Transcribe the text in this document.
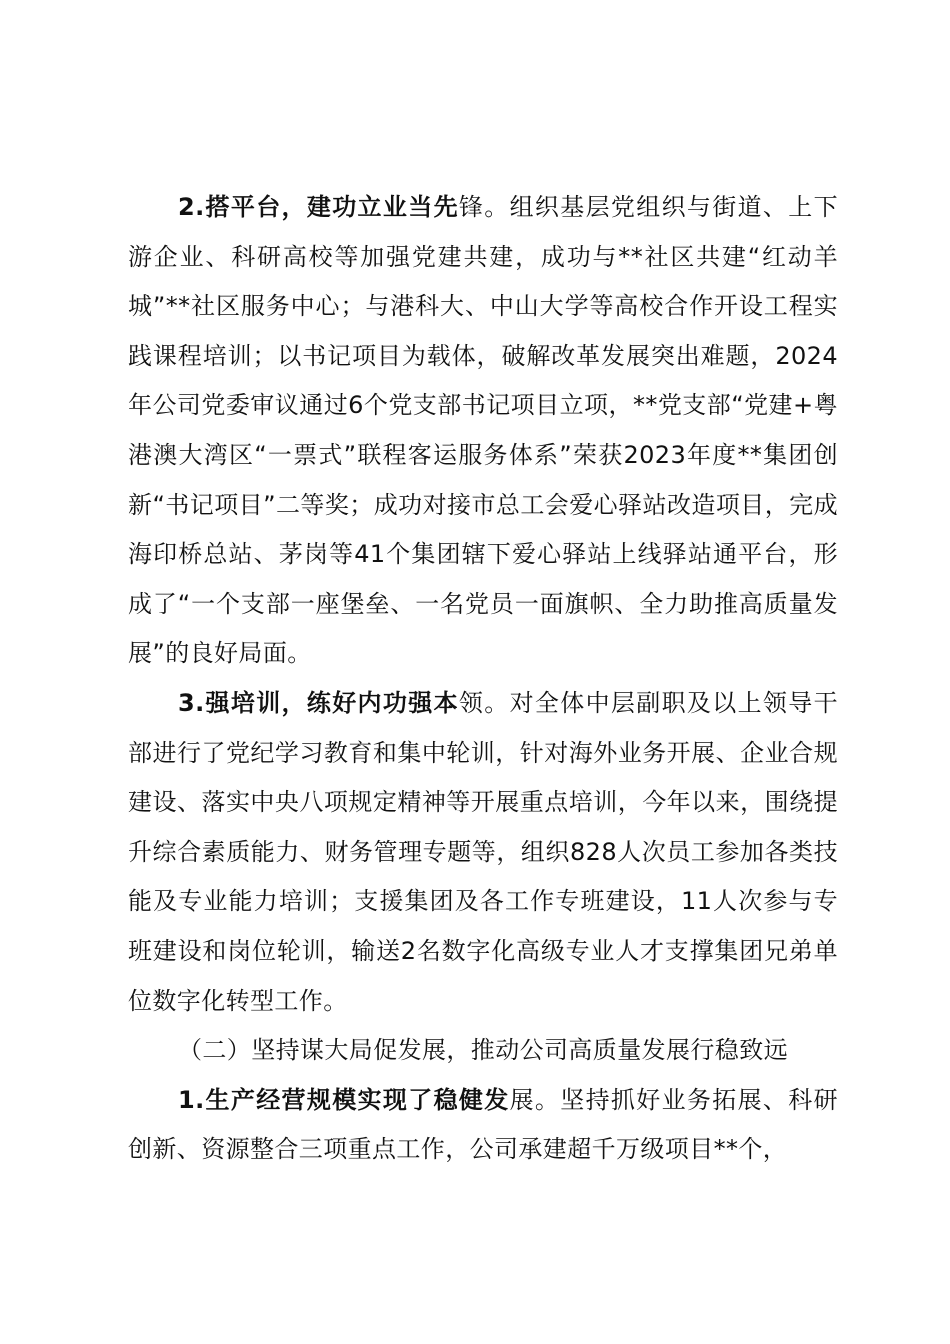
2.搭平台，建功立业当先锋。组织基层党组织与街道、上下游企业、科研高校等加强党建共建，成功与**社区共建“红动羊城”**社区服务中心；与港科大、中山大学等高校合作开设工程实践课程培训；以书记项目为载体，破解改革发展突出难题，2024年公司党委审议通过6个党支部书记项目立项，**党支部“党建+粤港澳大湾区“一票式”联程客运服务体系”荣获2023年度**集团创新“书记项目”二等奖；成功对接市总工会爱心驿站改造项目，完成海印桥总站、茅岗等41个集团辖下爱心驿站上线驿站通平台，形成了“一个支部一座堡垒、一名党员一面旗帜、全力助推高质量发展”的良好局面。

3.强培训，练好内功强本领。对全体中层副职及以上领导干部进行了党纪学习教育和集中轮训，针对海外业务开展、企业合规建设、落实中央八项规定精神等开展重点培训，今年以来，围绕提升综合素质能力、财务管理专题等，组织828人次员工参加各类技能及专业能力培训；支援集团及各工作专班建设，11人次参与专班建设和岗位轮训，输送2名数字化高级专业人才支撑集团兄弟单位数字化转型工作。

（二）坚持谋大局促发展，推动公司高质量发展行稳致远

1.生产经营规模实现了稳健发展。坚持抓好业务拓展、科研创新、资源整合三项重点工作，公司承建超千万级项目**个，
